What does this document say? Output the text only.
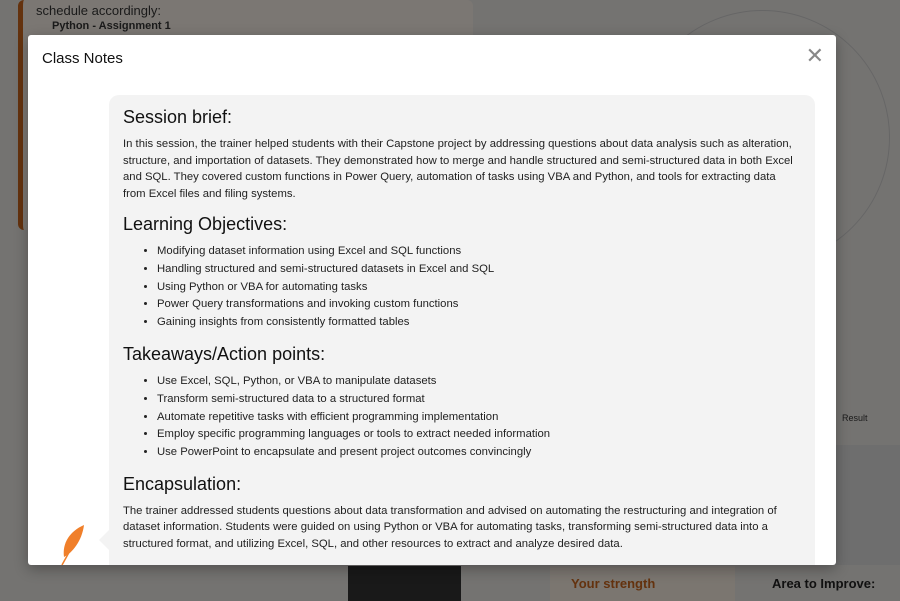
schedule accordingly:
Python - Assignment 1
Result
Class Notes	✕
Session brief:

In this session, the trainer helped students with their Capstone project by addressing questions about data analysis such as alteration, structure, and importation of datasets. They demonstrated how to merge and handle structured and semi-structured data in both Excel and SQL. They covered custom functions in Power Query, automation of tasks using VBA and Python, and tools for extracting data from Excel files and filing systems.

Learning Objectives:
• Modifying dataset information using Excel and SQL functions
• Handling structured and semi-structured datasets in Excel and SQL
• Using Python or VBA for automating tasks
• Power Query transformations and invoking custom functions
• Gaining insights from consistently formatted tables
Takeaways/Action points:
• Use Excel, SQL, Python, or VBA to manipulate datasets
• Transform semi-structured data to a structured format
• Automate repetitive tasks with efficient programming implementation
• Employ specific programming languages or tools to extract needed information
• Use PowerPoint to encapsulate and present project outcomes convincingly
Encapsulation:

The trainer addressed students questions about data transformation and advised on automating the restructuring and integration of dataset information. Students were guided on using Python or VBA for automating tasks, transforming semi-structured data into a structured format, and utilizing Excel, SQL, and other resources to extract and analyze desired data.
